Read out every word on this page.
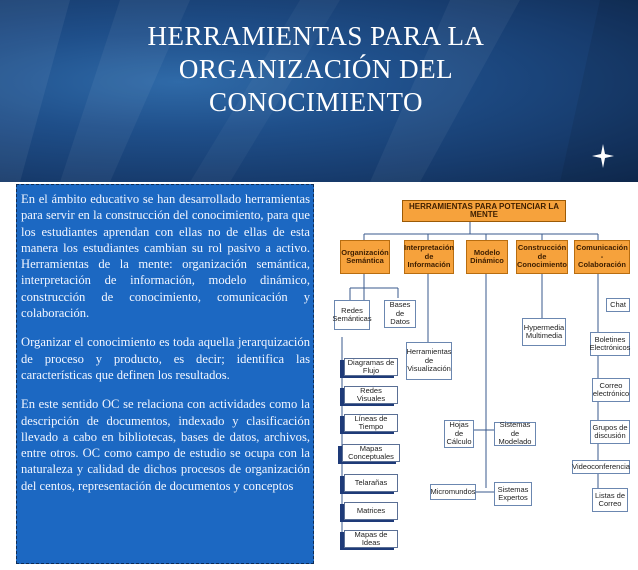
HERRAMIENTAS PARA LA
ORGANIZACIÓN DEL
CONOCIMIENTO

En el ámbito educativo se han desarrollado herramientas para servir en la construcción del conocimiento, para que los estudiantes aprendan con ellas no de ellas de esta manera los estudiantes cambian su rol pasivo a activo. Herramientas de la mente: organización semántica, interpretación de información, modelo dinámico, construcción de conocimiento, comunicación y colaboración.

Organizar el conocimiento es toda aquella jerarquización de proceso y producto, es decir; identifica las características que definen los resultados.

En este sentido OC se relaciona con actividades como la descripción de documentos, indexado y clasificación llevado a cabo en bibliotecas, bases de datos, archivos, entre otros. OC como campo de estudio se ocupa con la naturaleza y calidad de dichos procesos de organización del centos, representación de documentos y conceptos

HERRAMIENTAS PARA POTENCIAR LA MENTE
Organización Semántica
Interpretación de Información
Modelo Dinámico
Construcción de Conocimiento
Comunicación - Colaboración
Redes Semánticas
Bases de Datos
Diagramas de Flujo
Redes Visuales
Líneas de Tiempo
Mapas Conceptuales
Telarañas
Matrices
Mapas de Ideas
Herramientas de Visualización
Hojas de Cálculo
Sistemas de Modelado
Micromundos	Sistemas Expertos
Hypermedia Multimedia
Chat
Boletines Electrónicos
Correo electrónico
Grupos de discusión
Videoconferencia
Listas de Correo
